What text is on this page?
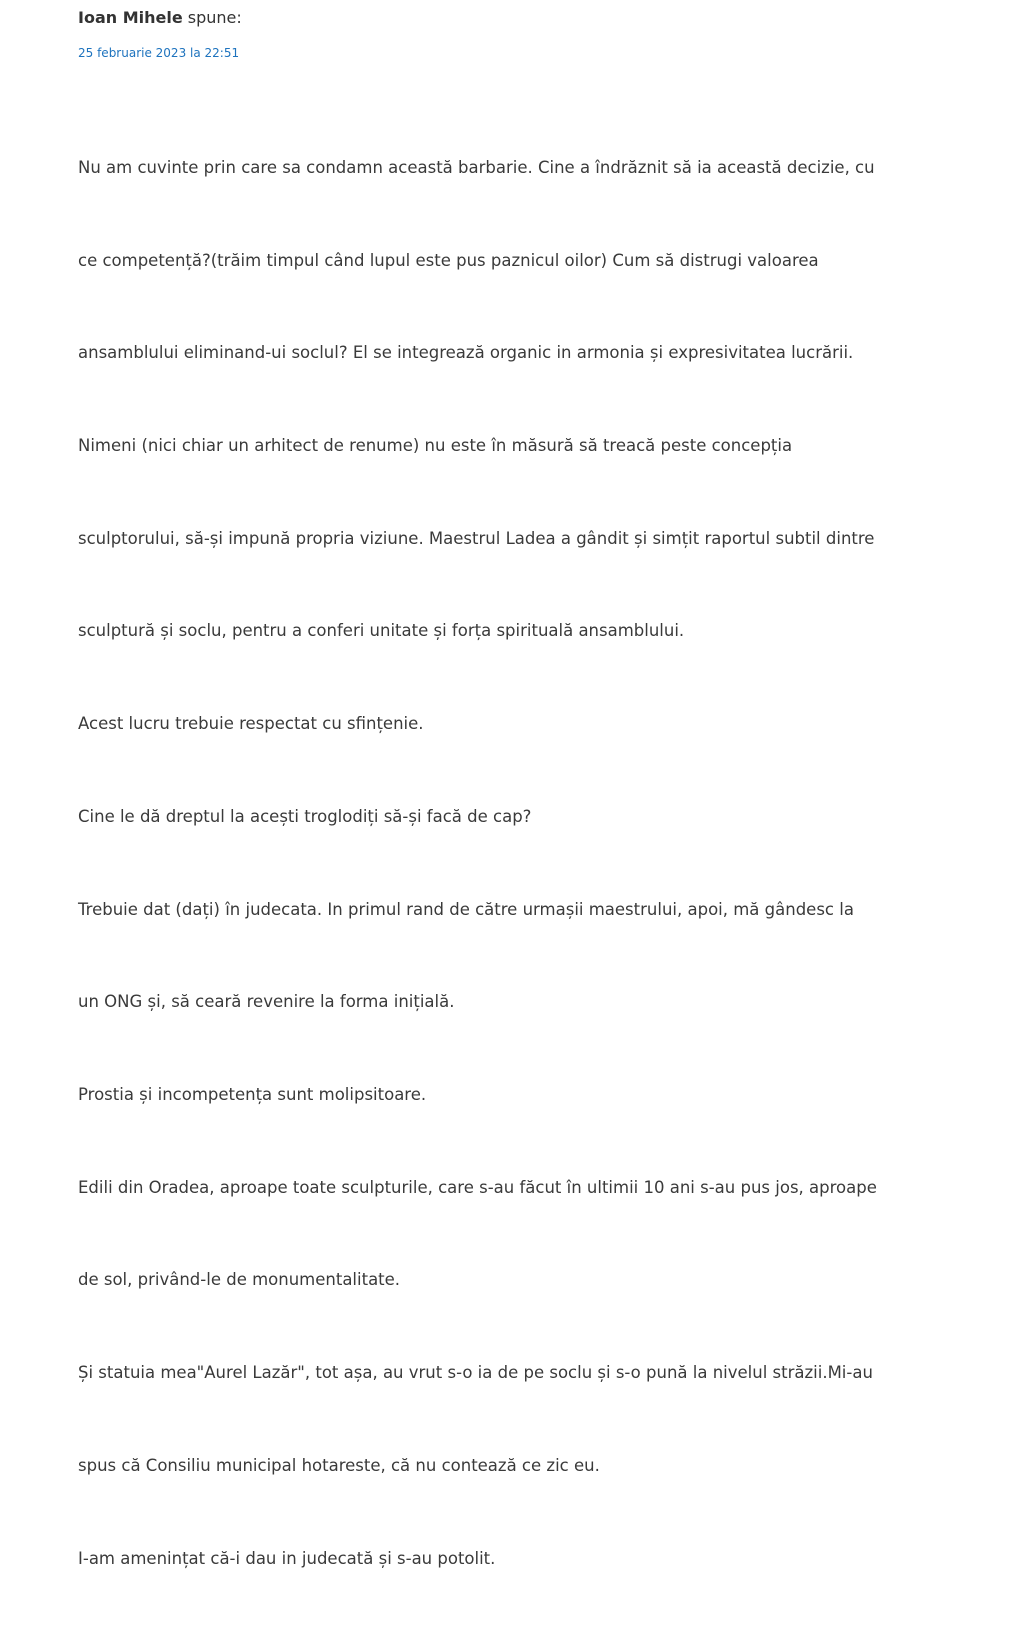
Ioan Mihele spune:
25 februarie 2023 la 22:51

Nu am cuvinte prin care sa condamn această barbarie. Cine a îndrăznit să ia această decizie, cu

ce competență?(trăim timpul când lupul este pus paznicul oilor) Cum să distrugi valoarea

ansamblului eliminand-ui soclul? El se integrează organic in armonia și expresivitatea lucrării.

Nimeni (nici chiar un arhitect de renume) nu este în măsură să treacă peste concepția

sculptorului, să-și impună propria viziune. Maestrul Ladea a gândit și simțit raportul subtil dintre

sculptură și soclu, pentru a conferi unitate și forța spirituală ansamblului.

Acest lucru trebuie respectat cu sfințenie.

Cine le dă dreptul la acești troglodiți să-și facă de cap?

Trebuie dat (dați) în judecata. In primul rand de către urmașii maestrului, apoi, mă gândesc la

un ONG și, să ceară revenire la forma inițială.

Prostia și incompetența sunt molipsitoare.

Edili din Oradea, aproape toate sculpturile, care s-au făcut în ultimii 10 ani s-au pus jos, aproape

de sol, privând-le de monumentalitate.

Și statuia mea"Aurel Lazăr", tot așa, au vrut s-o ia de pe soclu și s-o pună la nivelul străzii.Mi-au

spus că Consiliu municipal hotareste, că nu contează ce zic eu.

I-am amenințat că-i dau in judecată și s-au potolit.
